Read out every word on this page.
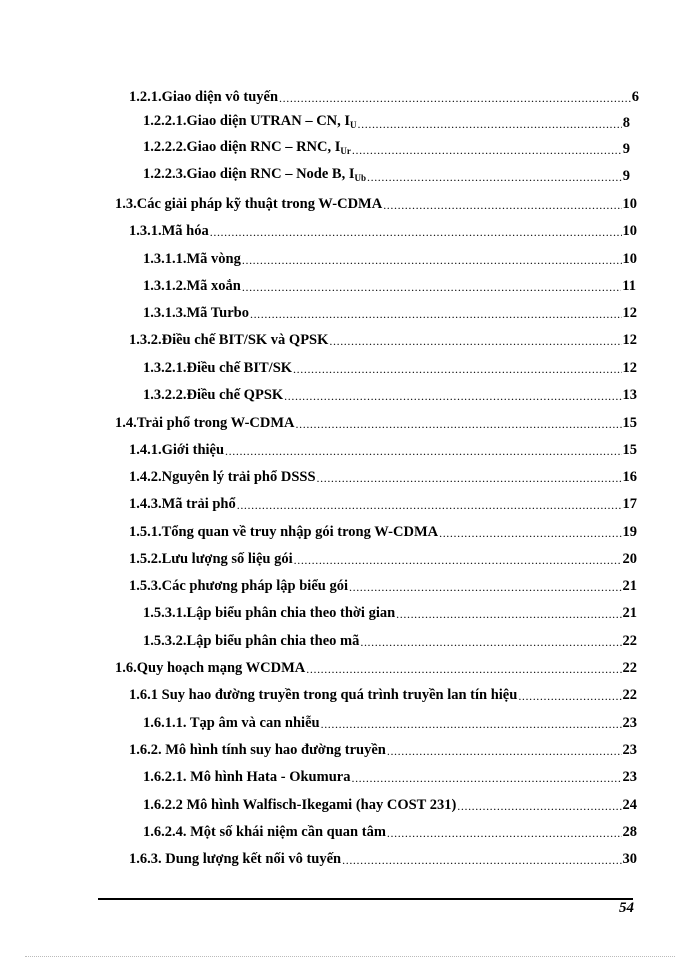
1.2.1.Giao diện vô tuyến .....	6
1.2.2.1.Giao diện UTRAN – CN, $I_U$ .....	8
1.2.2.2.Giao diện RNC – RNC, $I_{Ur}$ .....	9
1.2.2.3.Giao diện RNC – Node B, $I_{Ub}$ .....	9
1.3.Các giải pháp kỹ thuật trong W-CDMA .....	10
1.3.1.Mã hóa .....	10
1.3.1.1.Mã vòng .....	10
1.3.1.2.Mã xoắn .....	11
1.3.1.3.Mã Turbo .....	12
1.3.2.Điều chế BIT/SK và QPSK .....	12
1.3.2.1.Điều chế BIT/SK .....	12
1.3.2.2.Điều chế QPSK .....	13
1.4.Trải phổ trong W-CDMA .....	15
1.4.1.Giới thiệu .....	15
1.4.2.Nguyên lý trải phổ DSSS .....	16
1.4.3.Mã trải phổ .....	17
1.5.1.Tổng quan về truy nhập gói trong W-CDMA .....	19
1.5.2.Lưu lượng số liệu gói .....	20
1.5.3.Các phương pháp lập biểu gói .....	21
1.5.3.1.Lập biểu phân chia theo thời gian .....	21
1.5.3.2.Lập biểu phân chia theo mã .....	22
1.6.Quy hoạch mạng WCDMA .....	22
1.6.1 Suy hao đường truyền trong quá trình truyền lan tín hiệu .....	22
1.6.1.1. Tạp âm và can nhiễu .....	23
1.6.2. Mô hình tính suy hao đường truyền .....	23
1.6.2.1. Mô hình Hata - Okumura .....	23
1.6.2.2 Mô hình Walfisch-Ikegami (hay COST 231) .....	24
1.6.2.4. Một số khái niệm cần quan tâm .....	28
1.6.3. Dung lượng kết nối vô tuyến .....	30
54
